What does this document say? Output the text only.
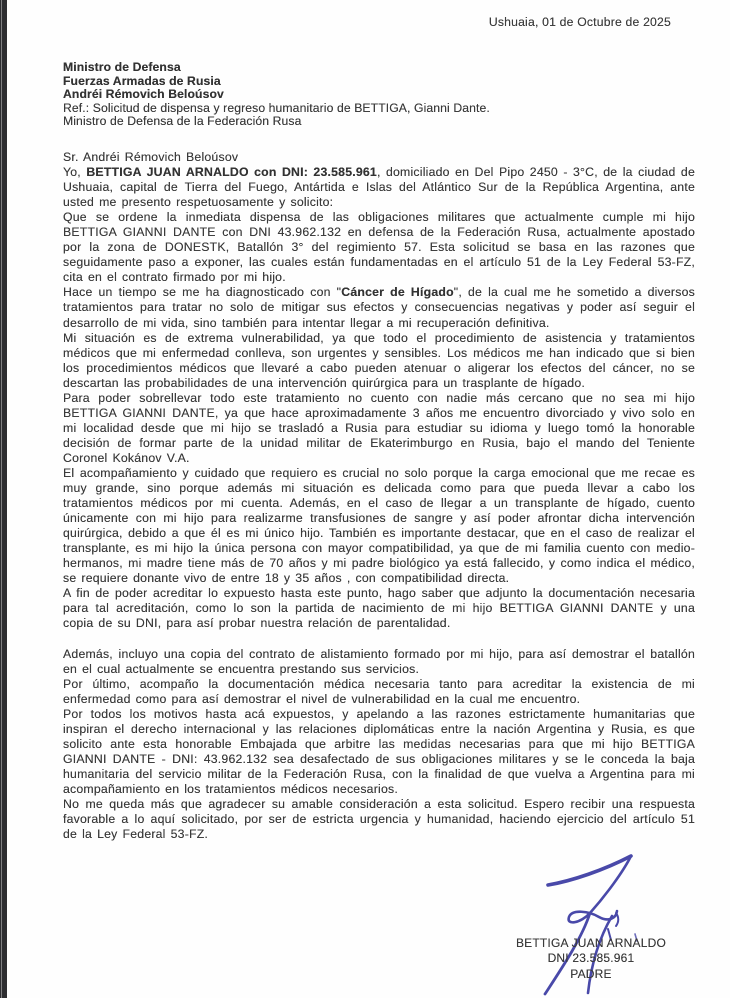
Ushuaia, 01 de Octubre de 2025
Ministro de Defensa
Fuerzas Armadas de Rusia
Andréi Rémovich Beloúsov
Ref.: Solicitud de dispensa y regreso humanitario de BETTIGA, Gianni Dante.
Ministro de Defensa de la Federación Rusa

Sr. Andréi Rémovich Beloúsov

Yo, BETTIGA JUAN ARNALDO con DNI: 23.585.961, domiciliado en Del Pipo 2450 - 3°C, de la ciudad de Ushuaia, capital de Tierra del Fuego, Antártida e Islas del Atlántico Sur de la República Argentina, ante usted me presento respetuosamente y solicito:

Que se ordene la inmediata dispensa de las obligaciones militares que actualmente cumple mi hijo BETTIGA GIANNI DANTE con DNI 43.962.132 en defensa de la Federación Rusa, actualmente apostado por la zona de DONESTK, Batallón 3° del regimiento 57. Esta solicitud se basa en las razones que seguidamente paso a exponer, las cuales están fundamentadas en el artículo 51 de la Ley Federal 53-FZ, cita en el contrato firmado por mi hijo.

Hace un tiempo se me ha diagnosticado con "Cáncer de Hígado", de la cual me he sometido a diversos tratamientos para tratar no solo de mitigar sus efectos y consecuencias negativas y poder así seguir el desarrollo de mi vida, sino también para intentar llegar a mi recuperación definitiva.

Mi situación es de extrema vulnerabilidad, ya que todo el procedimiento de asistencia y tratamientos médicos que mi enfermedad conlleva, son urgentes y sensibles. Los médicos me han indicado que si bien los procedimientos médicos que llevaré a cabo pueden atenuar o aligerar los efectos del cáncer, no se descartan las probabilidades de una intervención quirúrgica para un trasplante de hígado.

Para poder sobrellevar todo este tratamiento no cuento con nadie más cercano que no sea mi hijo BETTIGA GIANNI DANTE, ya que hace aproximadamente 3 años me encuentro divorciado y vivo solo en mi localidad desde que mi hijo se trasladó a Rusia para estudiar su idioma y luego tomó la honorable decisión de formar parte de la unidad militar de Ekaterimburgo en Rusia, bajo el mando del Teniente Coronel Kokánov V.A.

El acompañamiento y cuidado que requiero es crucial no solo porque la carga emocional que me recae es muy grande, sino porque además mi situación es delicada como para que pueda llevar a cabo los tratamientos médicos por mi cuenta. Además, en el caso de llegar a un transplante de hígado, cuento únicamente con mi hijo para realizarme transfusiones de sangre y así poder afrontar dicha intervención quirúrgica, debido a que él es mi único hijo. También es importante destacar, que en el caso de realizar el transplante, es mi hijo la única persona con mayor compatibilidad, ya que de mi familia cuento con medio-hermanos, mi madre tiene más de 70 años y mi padre biológico ya está fallecido, y como indica el médico, se requiere donante vivo de entre 18 y 35 años , con compatibilidad directa.

A fin de poder acreditar lo expuesto hasta este punto, hago saber que adjunto la documentación necesaria para tal acreditación, como lo son la partida de nacimiento de mi hijo BETTIGA GIANNI DANTE y una copia de su DNI, para así probar nuestra relación de parentalidad.

Además, incluyo una copia del contrato de alistamiento formado por mi hijo, para así demostrar el batallón en el cual actualmente se encuentra prestando sus servicios.

Por último, acompaño la documentación médica necesaria tanto para acreditar la existencia de mi enfermedad como para así demostrar el nivel de vulnerabilidad en la cual me encuentro.

Por todos los motivos hasta acá expuestos, y apelando a las razones estrictamente humanitarias que inspiran el derecho internacional y las relaciones diplomáticas entre la nación Argentina y Rusia, es que solicito ante esta honorable Embajada que arbitre las medidas necesarias para que mi hijo BETTIGA GIANNI DANTE - DNI: 43.962.132 sea desafectado de sus obligaciones militares y se le conceda la baja humanitaria del servicio militar de la Federación Rusa, con la finalidad de que vuelva a Argentina para mi acompañamiento en los tratamientos médicos necesarios.

No me queda más que agradecer su amable consideración a esta solicitud. Espero recibir una respuesta favorable a lo aquí solicitado, por ser de estricta urgencia y humanidad, haciendo ejercicio del artículo 51 de la Ley Federal 53-FZ.

BETTIGA JUAN ARNALDO
DNI 23.585.961
PADRE
